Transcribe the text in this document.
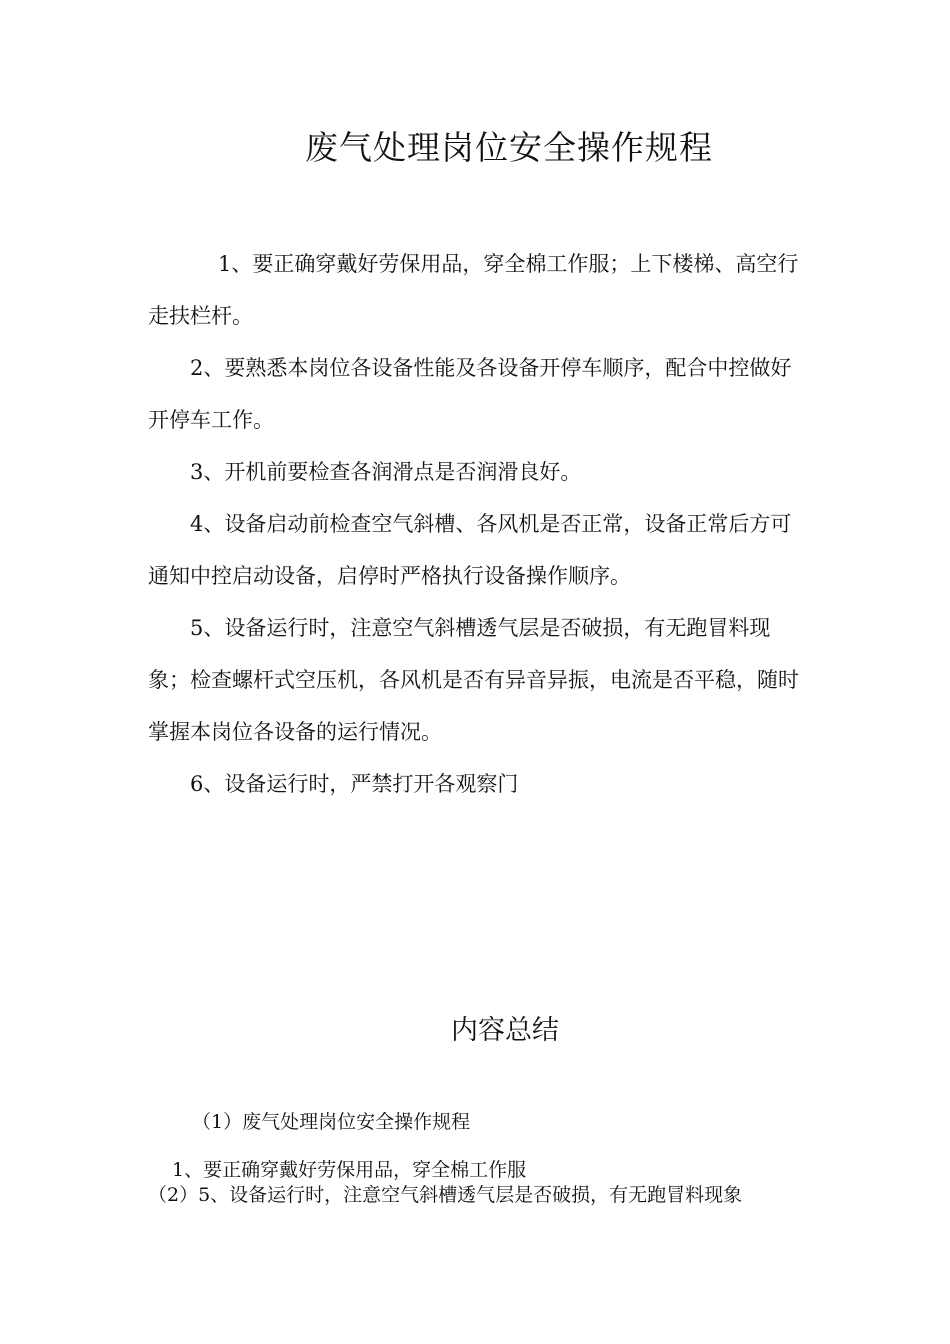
废气处理岗位安全操作规程

1、要正确穿戴好劳保用品，穿全棉工作服；上下楼梯、高空行走扶栏杆。

2、要熟悉本岗位各设备性能及各设备开停车顺序，配合中控做好开停车工作。

3、开机前要检查各润滑点是否润滑良好。

4、设备启动前检查空气斜槽、各风机是否正常，设备正常后方可通知中控启动设备，启停时严格执行设备操作顺序。

5、设备运行时，注意空气斜槽透气层是否破损，有无跑冒料现象；检查螺杆式空压机，各风机是否有异音异振，电流是否平稳，随时掌握本岗位各设备的运行情况。

6、设备运行时，严禁打开各观察门

内容总结
（1）废气处理岗位安全操作规程
1、要正确穿戴好劳保用品，穿全棉工作服
（2）5、设备运行时，注意空气斜槽透气层是否破损，有无跑冒料现象
